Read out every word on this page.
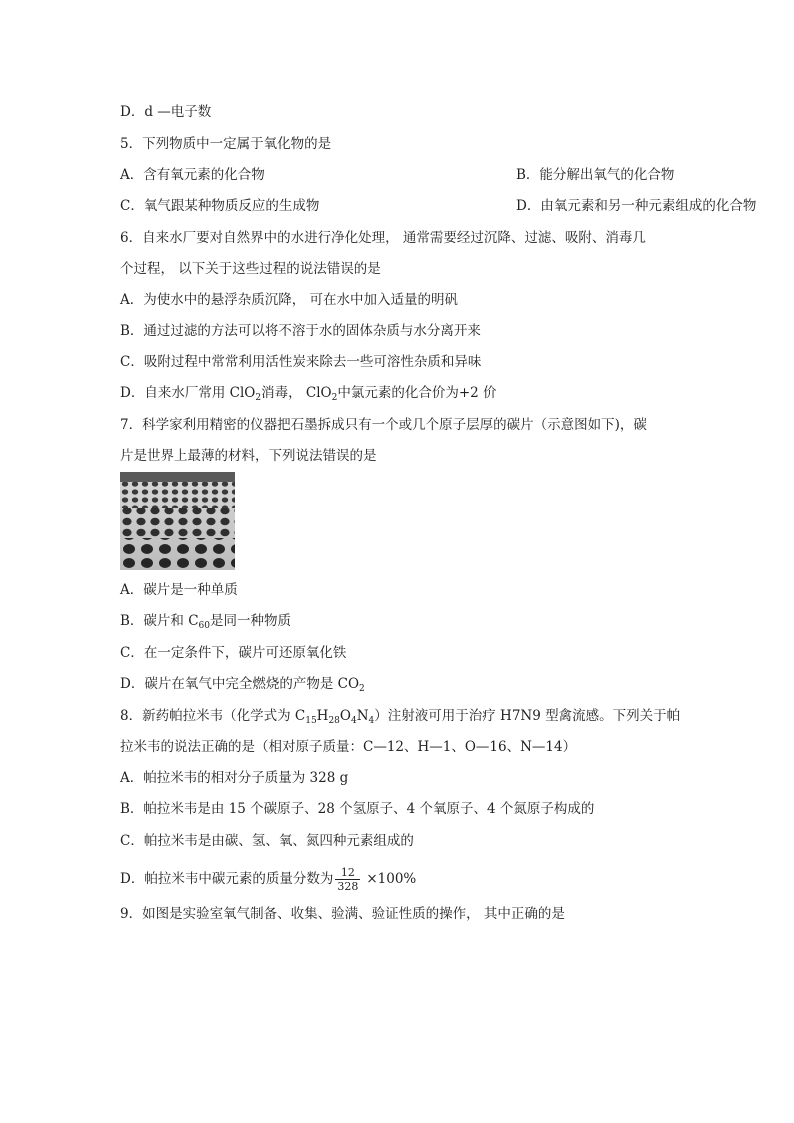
D．d —电子数
5．下列物质中一定属于氧化物的是
A．含有氧元素的化合物	B．能分解出氧气的化合物
C．氧气跟某种物质反应的生成物	D．由氧元素和另一种元素组成的化合物
6．自来水厂要对自然界中的水进行净化处理， 通常需要经过沉降、过滤、吸附、消毒几
个过程， 以下关于这些过程的说法错误的是
A．为使水中的悬浮杂质沉降， 可在水中加入适量的明矾
B．通过过滤的方法可以将不溶于水的固体杂质与水分离开来
C．吸附过程中常常利用活性炭来除去一些可溶性杂质和异味
D．自来水厂常用 ClO$_2$消毒， ClO$_2$中氯元素的化合价为+2 价
7．科学家利用精密的仪器把石墨拆成只有一个或几个原子层厚的碳片（示意图如下)，碳
片是世界上最薄的材料，下列说法错误的是
A．碳片是一种单质
B．碳片和 $C_{60}$是同一种物质
C．在一定条件下，碳片可还原氧化铁
D．碳片在氧气中完全燃烧的产物是 $CO_2$
8．新药帕拉米韦（化学式为 $C_{15}H_{28}O_4N_4$）注射液可用于治疗 H7N9 型禽流感。下列关于帕
拉米韦的说法正确的是（相对原子质量：C—12、H—1、O—16、N—14）
A．帕拉米韦的相对分子质量为 328 g
B．帕拉米韦是由 15 个碳原子、28 个氢原子、4 个氧原子、4 个氮原子构成的
C．帕拉米韦是由碳、氢、氧、氮四种元素组成的
D．帕拉米韦中碳元素的质量分数为 $\frac{12}{328} \times 100\%$
9．如图是实验室氧气制备、收集、验满、验证性质的操作， 其中正确的是
